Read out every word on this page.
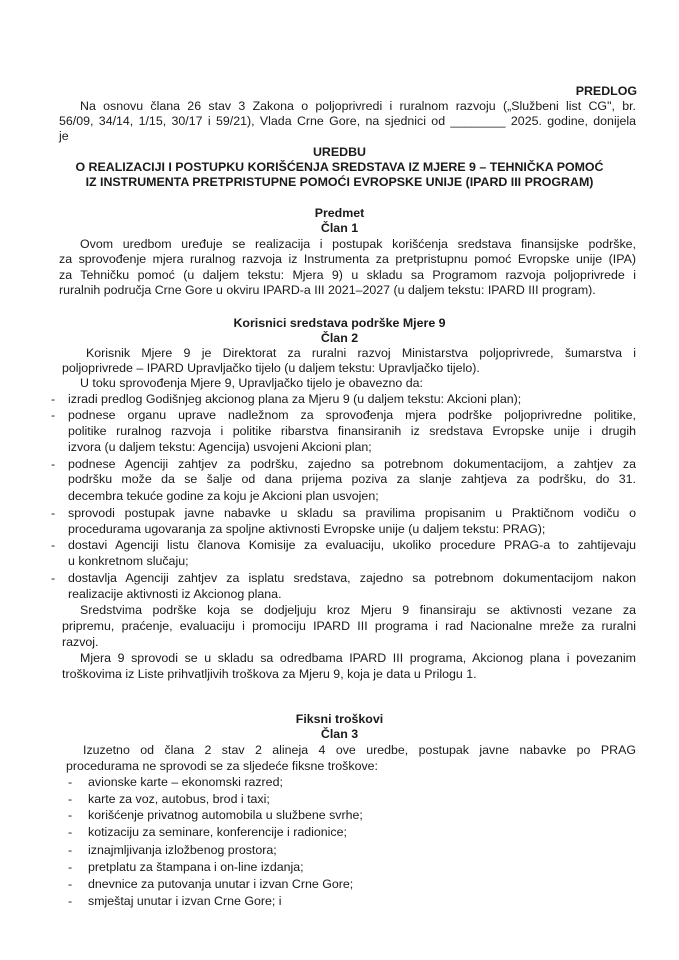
PREDLOG
Na osnovu člana 26 stav 3 Zakona o poljoprivredi i ruralnom razvoju („Službeni list CG", br.
56/09, 34/14, 1/15, 30/17 i 59/21), Vlada Crne Gore, na sjednici od ________ 2025. godine, donijela
je
UREDBU
O REALIZACIJI I POSTUPKU KORIŠĆENJA SREDSTAVA IZ MJERE 9 – TEHNIČKA POMOĆ
IZ INSTRUMENTA PRETPRISTUPNE POMOĆI EVROPSKE UNIJE (IPARD III PROGRAM)
Predmet
Član 1
Ovom uredbom uređuje se realizacija i postupak korišćenja sredstava finansijske podrške,
za sprovođenje mjera ruralnog razvoja iz Instrumenta za pretpristupnu pomoć Evropske unije (IPA)
za Tehničku pomoć (u daljem tekstu: Mjera 9) u skladu sa Programom razvoja poljoprivrede i
ruralnih područja Crne Gore u okviru IPARD-a III 2021–2027 (u daljem tekstu: IPARD III program).
Korisnici sredstava podrške Mjere 9
Član 2
Korisnik Mjere 9 je Direktorat za ruralni razvoj Ministarstva poljoprivrede, šumarstva i
poljoprivrede – IPARD Upravljačko tijelo (u daljem tekstu: Upravljačko tijelo).
U toku sprovođenja Mjere 9, Upravljačko tijelo je obavezno da:
- izradi predlog Godišnjeg akcionog plana za Mjeru 9 (u daljem tekstu: Akcioni plan);
- podnese organu uprave nadležnom za sprovođenja mjera podrške poljoprivredne politike,
politike ruralnog razvoja i politike ribarstva finansiranih iz sredstava Evropske unije i drugih
izvora (u daljem tekstu: Agencija) usvojeni Akcioni plan;
- podnese Agenciji zahtjev za podršku, zajedno sa potrebnom dokumentacijom, a zahtjev za
podršku može da se šalje od dana prijema poziva za slanje zahtjeva za podršku, do 31.
decembra tekuće godine za koju je Akcioni plan usvojen;
- sprovodi postupak javne nabavke u skladu sa pravilima propisanim u Praktičnom vodiču o
procedurama ugovaranja za spoljne aktivnosti Evropske unije (u daljem tekstu: PRAG);
- dostavi Agenciji listu članova Komisije za evaluaciju, ukoliko procedure PRAG-a to zahtijevaju
u konkretnom slučaju;
- dostavlja Agenciji zahtjev za isplatu sredstava, zajedno sa potrebnom dokumentacijom nakon
realizacije aktivnosti iz Akcionog plana.
Sredstvima podrške koja se dodjeljuju kroz Mjeru 9 finansiraju se aktivnosti vezane za
pripremu, praćenje, evaluaciju i promociju IPARD III programa i rad Nacionalne mreže za ruralni
razvoj.
Mjera 9 sprovodi se u skladu sa odredbama IPARD III programa, Akcionog plana i povezanim
troškovima iz Liste prihvatljivih troškova za Mjeru 9, koja je data u Prilogu 1.
Fiksni troškovi
Član 3
Izuzetno od člana 2 stav 2 alineja 4 ove uredbe, postupak javne nabavke po PRAG
procedurama ne sprovodi se za sljedeće fiksne troškove:
- avionske karte – ekonomski razred;
- karte za voz, autobus, brod i taxi;
- korišćenje privatnog automobila u službene svrhe;
- kotizaciju za seminare, konferencije i radionice;
- iznajmljivanja izložbenog prostora;
- pretplatu za štampana i on-line izdanja;
- dnevnice za putovanja unutar i izvan Crne Gore;
- smještaj unutar i izvan Crne Gore; i
